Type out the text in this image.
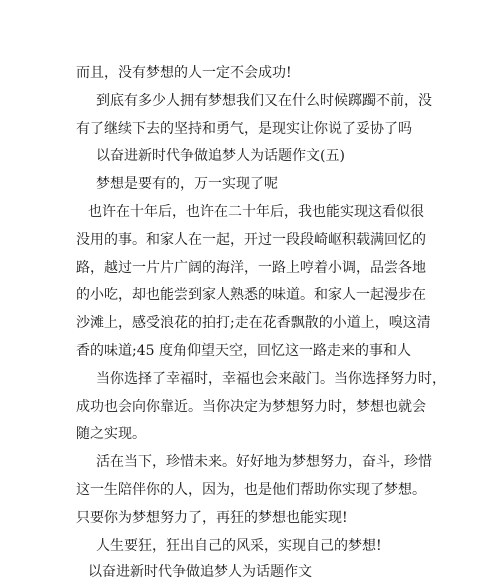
而且，没有梦想的人一定不会成功!
到底有多少人拥有梦想我们又在什么时候踯躅不前，没
有了继续下去的坚持和勇气，是现实让你说了妥协了吗
以奋进新时代争做追梦人为话题作文(五)
梦想是要有的，万一实现了呢
也许在十年后，也许在二十年后，我也能实现这看似很
没用的事。和家人在一起，开过一段段崎岖积载满回忆的
路，越过一片片广阔的海洋，一路上哼着小调，品尝各地
的小吃，却也能尝到家人熟悉的味道。和家人一起漫步在
沙滩上，感受浪花的拍打;走在花香飘散的小道上，嗅这清
香的味道;45 度角仰望天空，回忆这一路走来的事和人
当你选择了幸福时，幸福也会来敲门。当你选择努力时，
成功也会向你靠近。当你决定为梦想努力时，梦想也就会
随之实现。
活在当下，珍惜未来。好好地为梦想努力，奋斗，珍惜
这一生陪伴你的人，因为，也是他们帮助你实现了梦想。
只要你为梦想努力了，再狂的梦想也能实现!
人生要狂，狂出自己的风采，实现自己的梦想!
以奋进新时代争做追梦人为话题作文
